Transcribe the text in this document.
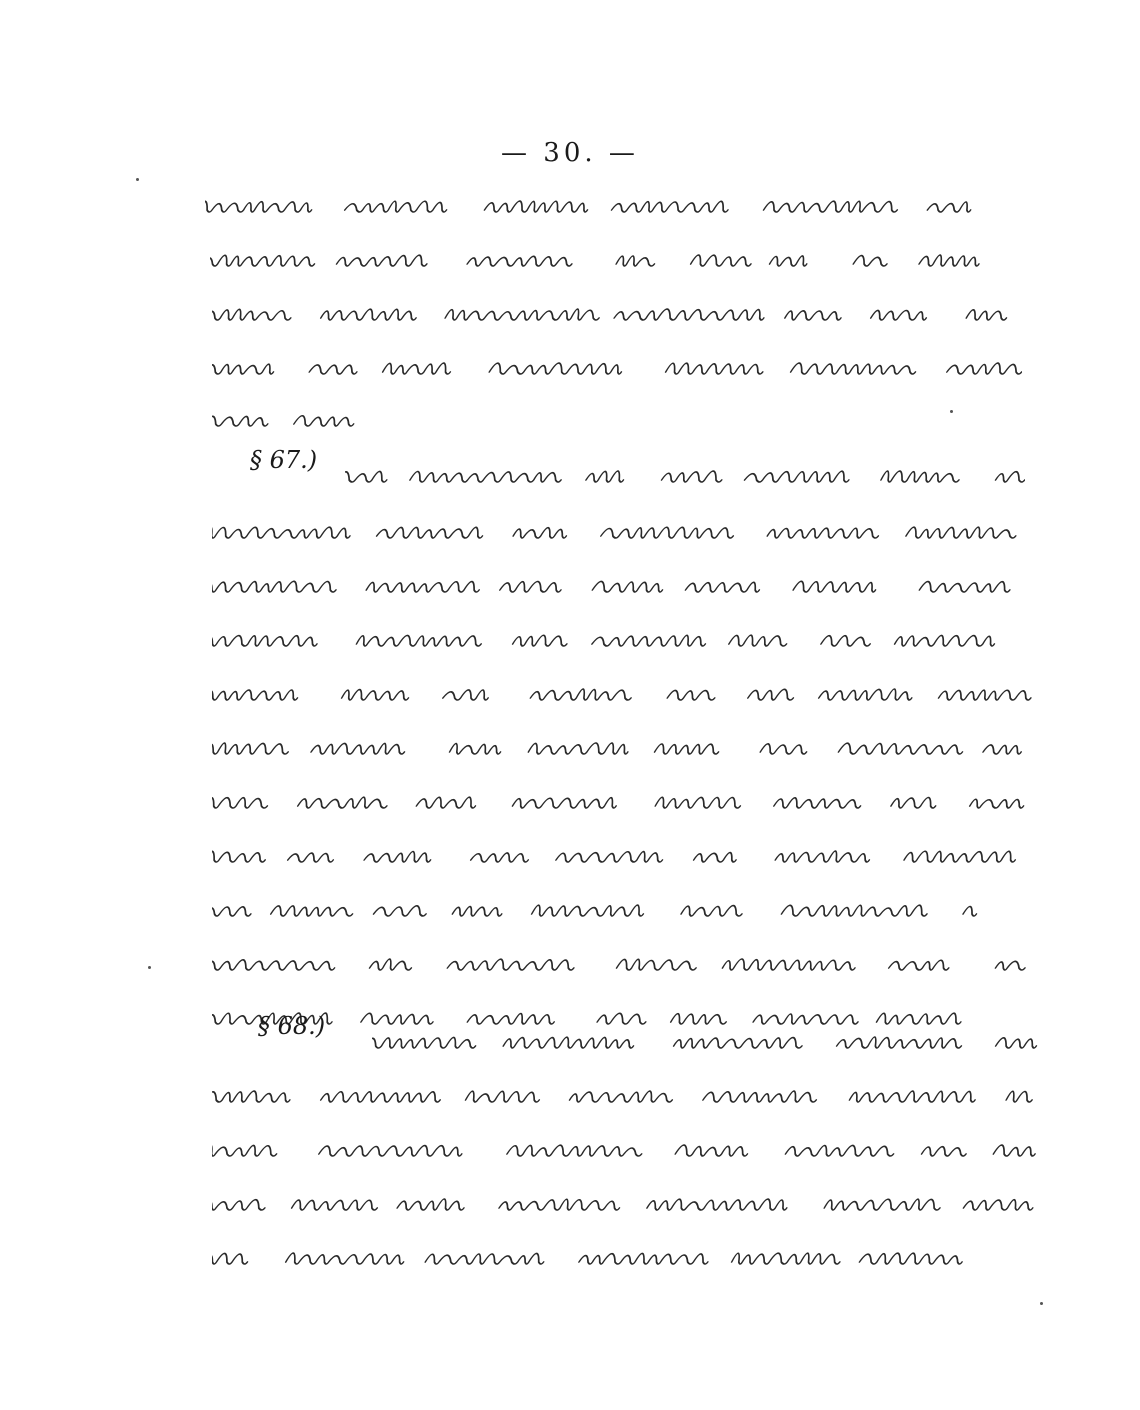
— 30. —
§ 67.)
§ 68.)
